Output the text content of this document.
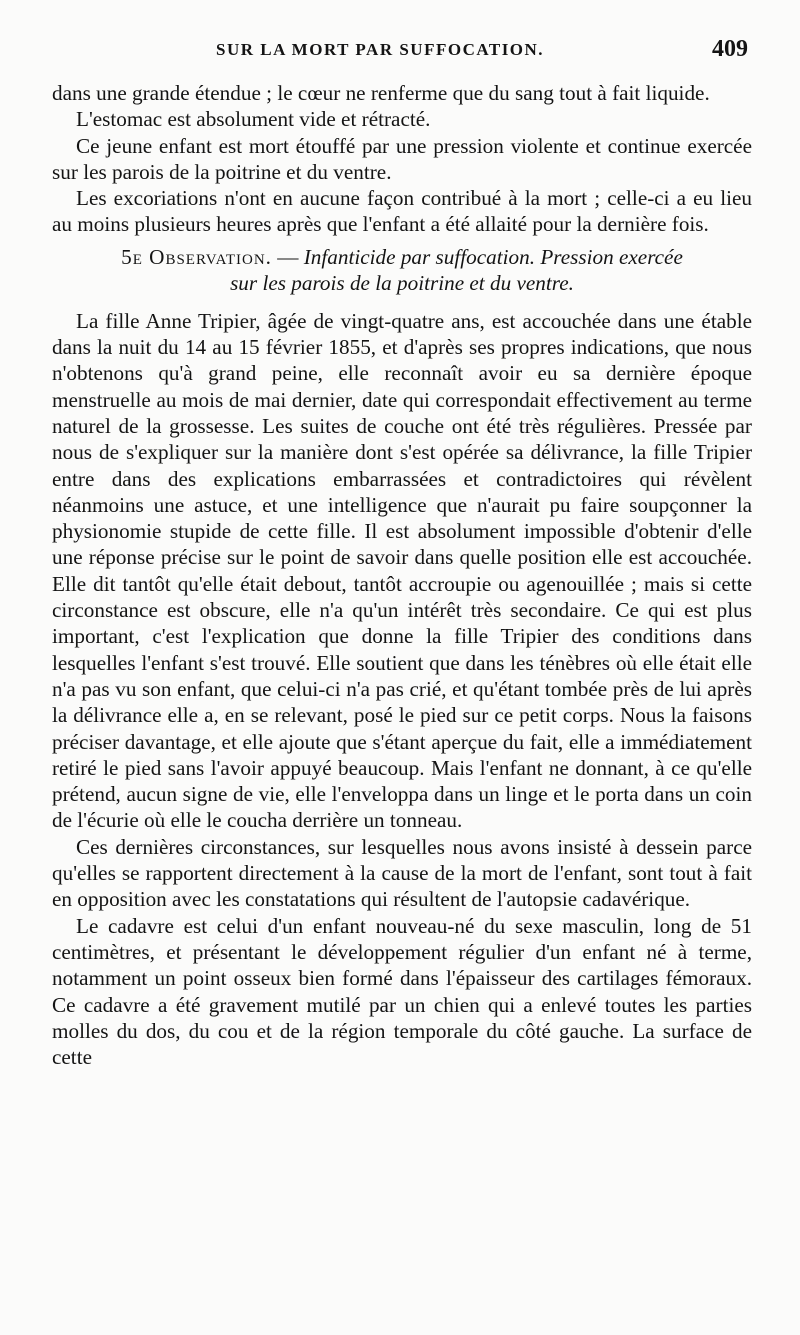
SUR LA MORT PAR SUFFOCATION.	409

dans une grande étendue ; le cœur ne renferme que du sang tout à fait liquide.

L'estomac est absolument vide et rétracté.

Ce jeune enfant est mort étouffé par une pression violente et continue exercée sur les parois de la poitrine et du ventre.

Les excoriations n'ont en aucune façon contribué à la mort ; celle-ci a eu lieu au moins plusieurs heures après que l'enfant a été allaité pour la dernière fois.

5e Observation. — Infanticide par suffocation. Pression exercée
sur les parois de la poitrine et du ventre.

La fille Anne Tripier, âgée de vingt-quatre ans, est accouchée dans une étable dans la nuit du 14 au 15 février 1855, et d'après ses propres indications, que nous n'obtenons qu'à grand peine, elle reconnaît avoir eu sa dernière époque menstruelle au mois de mai dernier, date qui correspondait effectivement au terme naturel de la grossesse. Les suites de couche ont été très régulières. Pressée par nous de s'expliquer sur la manière dont s'est opérée sa délivrance, la fille Tripier entre dans des explications embarrassées et contradictoires qui révèlent néanmoins une astuce, et une intelligence que n'aurait pu faire soupçonner la physionomie stupide de cette fille. Il est absolument impossible d'obtenir d'elle une réponse précise sur le point de savoir dans quelle position elle est accouchée. Elle dit tantôt qu'elle était debout, tantôt accroupie ou agenouillée ; mais si cette circonstance est obscure, elle n'a qu'un intérêt très secondaire. Ce qui est plus important, c'est l'explication que donne la fille Tripier des conditions dans lesquelles l'enfant s'est trouvé. Elle soutient que dans les ténèbres où elle était elle n'a pas vu son enfant, que celui-ci n'a pas crié, et qu'étant tombée près de lui après la délivrance elle a, en se relevant, posé le pied sur ce petit corps. Nous la faisons préciser davantage, et elle ajoute que s'étant aperçue du fait, elle a immédiatement retiré le pied sans l'avoir appuyé beaucoup. Mais l'enfant ne donnant, à ce qu'elle prétend, aucun signe de vie, elle l'enveloppa dans un linge et le porta dans un coin de l'écurie où elle le coucha derrière un tonneau.

Ces dernières circonstances, sur lesquelles nous avons insisté à dessein parce qu'elles se rapportent directement à la cause de la mort de l'enfant, sont tout à fait en opposition avec les constatations qui résultent de l'autopsie cadavérique.

Le cadavre est celui d'un enfant nouveau-né du sexe masculin, long de 51 centimètres, et présentant le développement régulier d'un enfant né à terme, notamment un point osseux bien formé dans l'épaisseur des cartilages fémoraux. Ce cadavre a été gravement mutilé par un chien qui a enlevé toutes les parties molles du dos, du cou et de la région temporale du côté gauche. La surface de cette
